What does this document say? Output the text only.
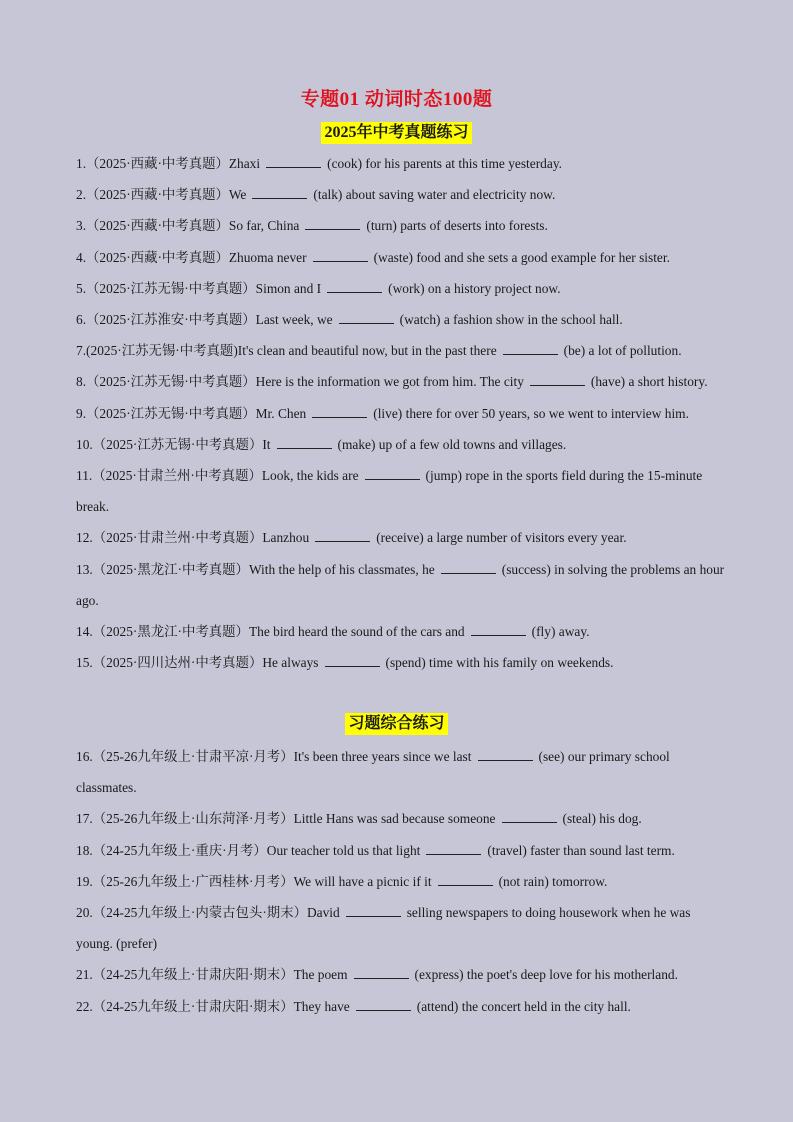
专题01 动词时态100题
2025年中考真题练习

1.（2025·西藏·中考真题）Zhaxi	(cook) for his parents at this time yesterday.

2.（2025·西藏·中考真题）We	(talk) about saving water and electricity now.

3.（2025·西藏·中考真题）So far, China	(turn) parts of deserts into forests.

4.（2025·西藏·中考真题）Zhuoma never	(waste) food and she sets a good example for her sister.

5.（2025·江苏无锡·中考真题）Simon and I	(work) on a history project now.

6.（2025·江苏淮安·中考真题）Last week, we	(watch) a fashion show in the school hall.

7.(2025·江苏无锡·中考真题)It's clean and beautiful now, but in the past there	(be) a lot of pollution.

8.（2025·江苏无锡·中考真题）Here is the information we got from him. The city	(have) a short history.

9.（2025·江苏无锡·中考真题）Mr. Chen	(live) there for over 50 years, so we went to interview him.

10.（2025·江苏无锡·中考真题）It	(make) up of a few old towns and villages.

11.（2025·甘肃兰州·中考真题）Look, the kids are	(jump) rope in the sports field during the 15-minute break.

12.（2025·甘肃兰州·中考真题）Lanzhou	(receive) a large number of visitors every year.

13.（2025·黑龙江·中考真题）With the help of his classmates, he	(success) in solving the problems an hour ago.

14.（2025·黑龙江·中考真题）The bird heard the sound of the cars and	(fly) away.

15.（2025·四川达州·中考真题）He always	(spend) time with his family on weekends.

习题综合练习

16.（25-26九年级上·甘肃平凉·月考）It's been three years since we last	(see) our primary school classmates.

17.（25-26九年级上·山东菏泽·月考）Little Hans was sad because someone	(steal) his dog.

18.（24-25九年级上·重庆·月考）Our teacher told us that light	(travel) faster than sound last term.

19.（25-26九年级上·广西桂林·月考）We will have a picnic if it	(not rain) tomorrow.

20.（24-25九年级上·内蒙古包头·期末）David	selling newspapers to doing housework when he was young. (prefer)

21.（24-25九年级上·甘肃庆阳·期末）The poem	(express) the poet's deep love for his motherland.

22.（24-25九年级上·甘肃庆阳·期末）They have	(attend) the concert held in the city hall.
